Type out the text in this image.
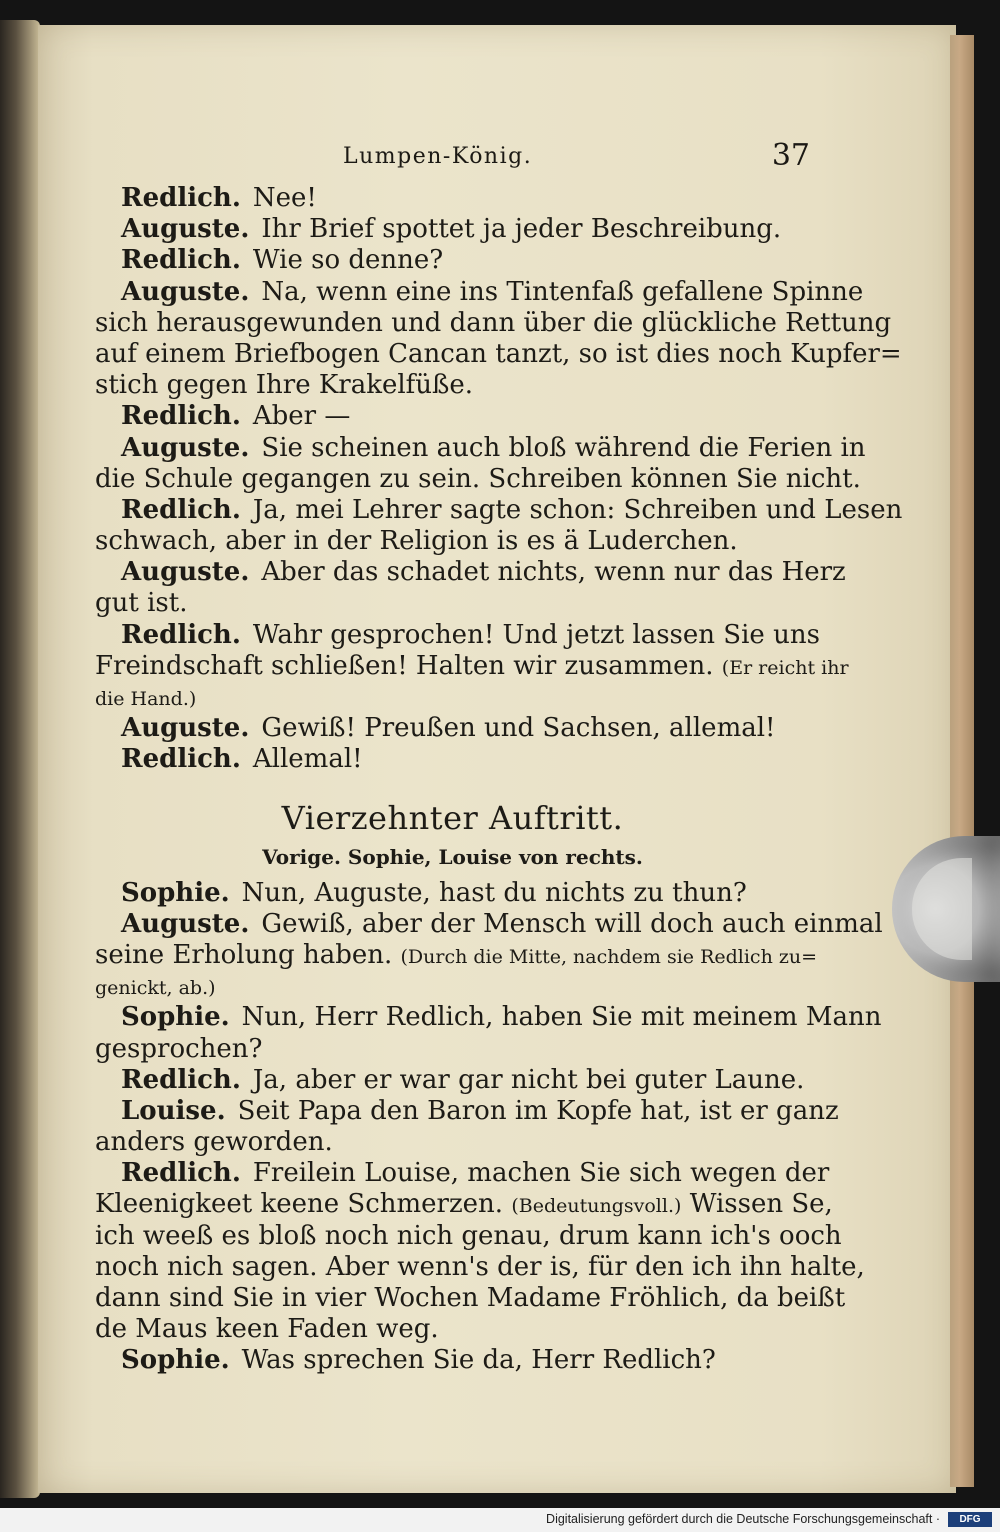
Lumpen-König.	37
Redlich. Nee!
Auguste. Ihr Brief spottet ja jeder Beschreibung.
Redlich. Wie so denne?
Auguste. Na, wenn eine ins Tintenfaß gefallene Spinne
sich herausgewunden und dann über die glückliche Rettung
auf einem Briefbogen Cancan tanzt, so ist dies noch Kupfer=
stich gegen Ihre Krakelfüße.
Redlich. Aber —
Auguste. Sie scheinen auch bloß während die Ferien in
die Schule gegangen zu sein. Schreiben können Sie nicht.
Redlich. Ja, mei Lehrer sagte schon: Schreiben und Lesen
schwach, aber in der Religion is es ä Luderchen.
Auguste. Aber das schadet nichts, wenn nur das Herz
gut ist.
Redlich. Wahr gesprochen! Und jetzt lassen Sie uns
Freindschaft schließen! Halten wir zusammen. (Er reicht ihr
die Hand.)
Auguste. Gewiß! Preußen und Sachsen, allemal!
Redlich. Allemal!
Vierzehnter Auftritt.
Vorige. Sophie, Louise von rechts.
Sophie. Nun, Auguste, hast du nichts zu thun?
Auguste. Gewiß, aber der Mensch will doch auch einmal
seine Erholung haben. (Durch die Mitte, nachdem sie Redlich zu=
genickt, ab.)
Sophie. Nun, Herr Redlich, haben Sie mit meinem Mann
gesprochen?
Redlich. Ja, aber er war gar nicht bei guter Laune.
Louise. Seit Papa den Baron im Kopfe hat, ist er ganz
anders geworden.
Redlich. Freilein Louise, machen Sie sich wegen der
Kleenigkeet keene Schmerzen. (Bedeutungsvoll.) Wissen Se,
ich weeß es bloß noch nich genau, drum kann ich's ooch
noch nich sagen. Aber wenn's der is, für den ich ihn halte,
dann sind Sie in vier Wochen Madame Fröhlich, da beißt
de Maus keen Faden weg.
Sophie. Was sprechen Sie da, Herr Redlich?
Digitalisierung gefördert durch die Deutsche Forschungsgemeinschaft ·	DFG
